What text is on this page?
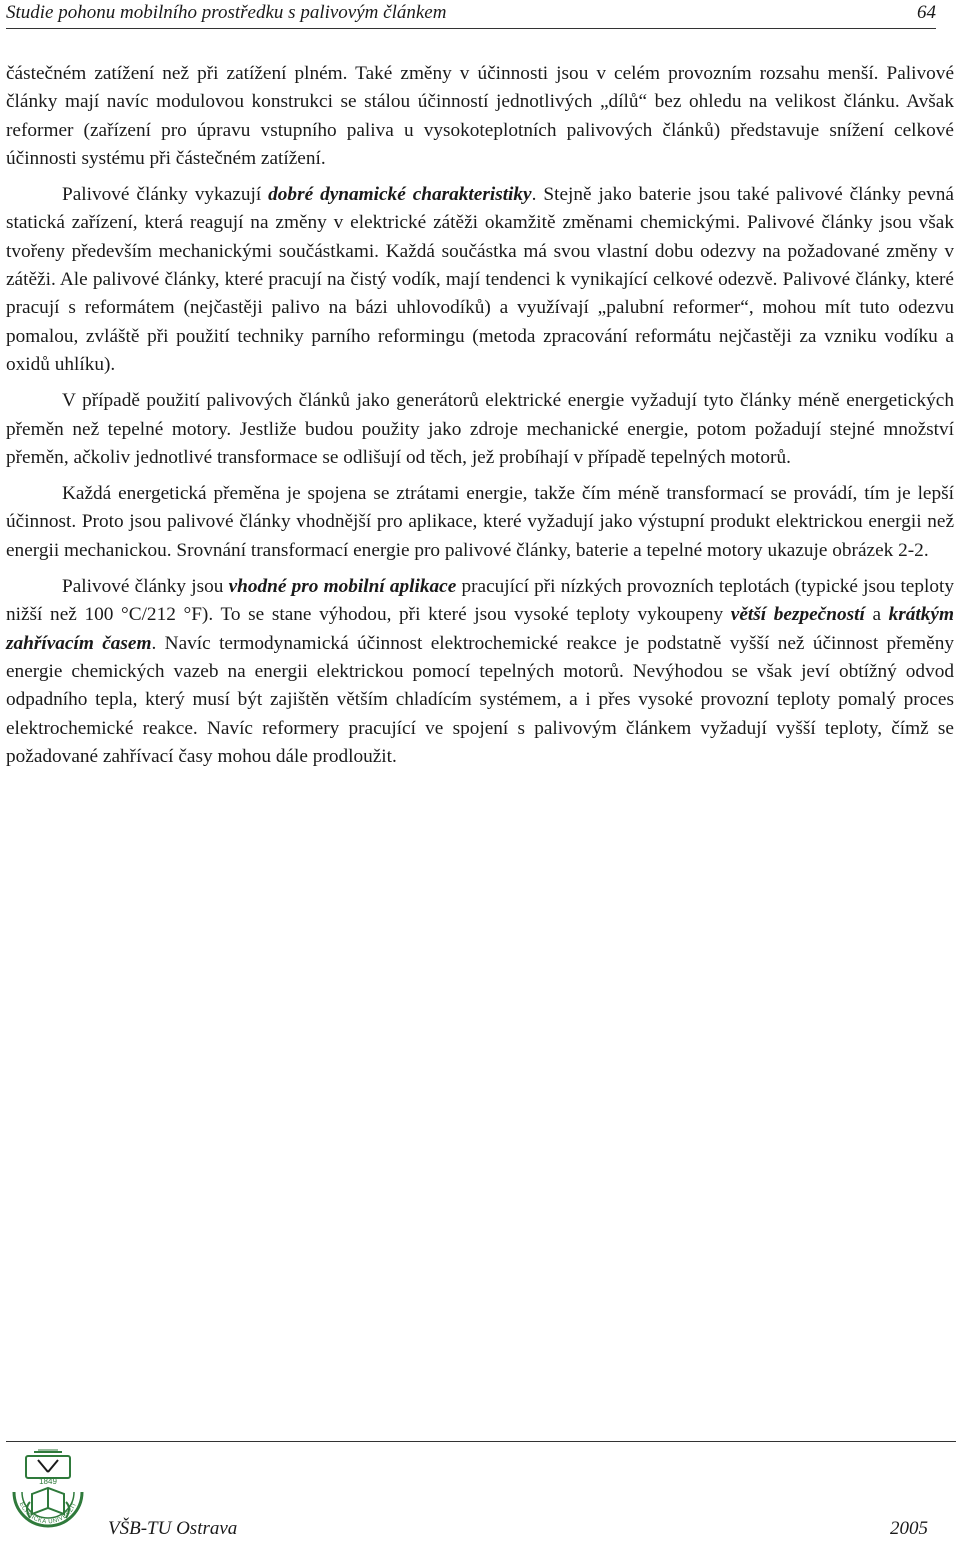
Studie pohonu mobilního prostředku s palivovým článkem	64

částečném zatížení než při zatížení plném. Také změny v účinnosti jsou v celém provozním rozsahu menší. Palivové články mají navíc modulovou konstrukci se stálou účinností jednotlivých „dílů“ bez ohledu na velikost článku. Avšak reformer (zařízení pro úpravu vstupního paliva u vysokoteplotních palivových článků) představuje snížení celkové účinnosti systému při částečném zatížení.

Palivové články vykazují dobré dynamické charakteristiky. Stejně jako baterie jsou také palivové články pevná statická zařízení, která reagují na změny v elektrické zátěži okamžitě změnami chemickými. Palivové články jsou však tvořeny především mechanickými součástkami. Každá součástka má svou vlastní dobu odezvy na požadované změny v zátěži. Ale palivové články, které pracují na čistý vodík, mají tendenci k vynikající celkové odezvě. Palivové články, které pracují s reformátem (nejčastěji palivo na bázi uhlovodíků) a využívají „palubní reformer“, mohou mít tuto odezvu pomalou, zvláště při použití techniky parního reformingu (metoda zpracování reformátu nejčastěji za vzniku vodíku a oxidů uhlíku).

V případě použití palivových článků jako generátorů elektrické energie vyžadují tyto články méně energetických přeměn než tepelné motory. Jestliže budou použity jako zdroje mechanické energie, potom požadují stejné množství přeměn, ačkoliv jednotlivé transformace se odlišují od těch, jež probíhají v případě tepelných motorů.

Každá energetická přeměna je spojena se ztrátami energie, takže čím méně transformací se provádí, tím je lepší účinnost. Proto jsou palivové články vhodnější pro aplikace, které vyžadují jako výstupní produkt elektrickou energii než energii mechanickou. Srovnání transformací energie pro palivové články, baterie a tepelné motory ukazuje obrázek 2-2.

Palivové články jsou vhodné pro mobilní aplikace pracující při nízkých provozních teplotách (typické jsou teploty nižší než 100 °C/212 °F). To se stane výhodou, při které jsou vysoké teploty vykoupeny větší bezpečností a krátkým zahřívacím časem. Navíc termodynamická účinnost elektrochemické reakce je podstatně vyšší než účinnost přeměny energie chemických vazeb na energii elektrickou pomocí tepelných motorů. Nevýhodou se však jeví obtížný odvod odpadního tepla, který musí být zajištěn větším chladícím systémem, a i přes vysoké provozní teploty pomalý proces elektrochemické reakce. Navíc reformery pracující ve spojení s palivovým článkem vyžadují vyšší teploty, čímž se požadované zahřívací časy mohou dále prodloužit.

1849
ECHNICKÁ UNIVERZIT
VŠB-TU Ostrava	2005
